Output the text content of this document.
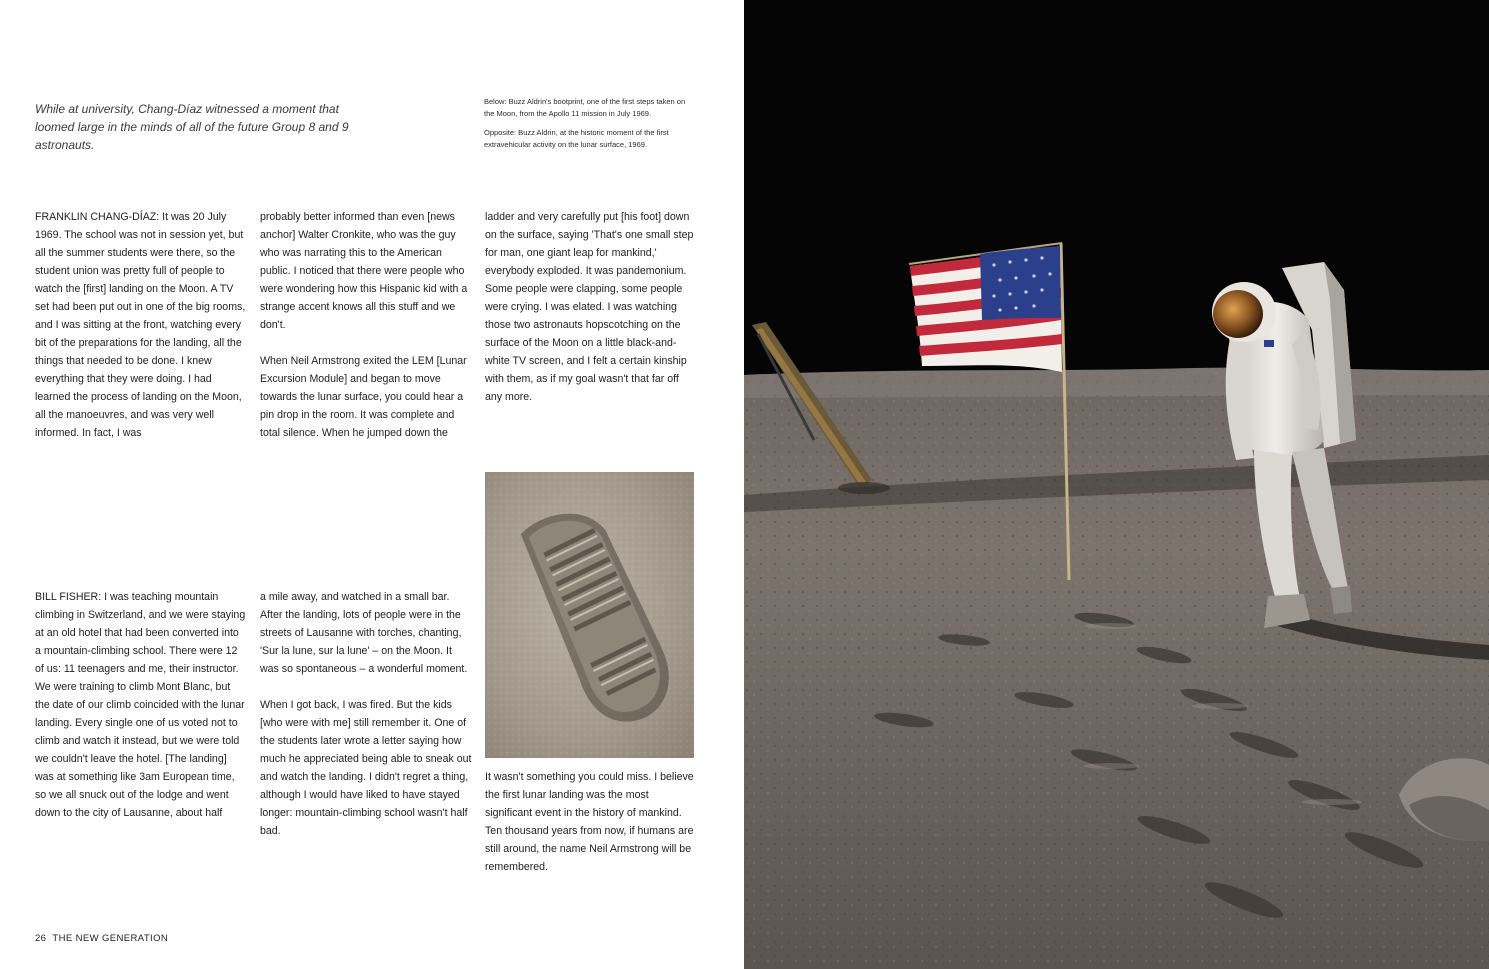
While at university, Chang-Díaz witnessed a moment that loomed large in the minds of all of the future Group 8 and 9 astronauts.

Below: Buzz Aldrin's bootprint, one of the first steps taken on the Moon, from the Apollo 11 mission in July 1969.

Opposite: Buzz Aldrin, at the historic moment of the first extravehicular activity on the lunar surface, 1969.

FRANKLIN CHANG-DÍAZ: It was 20 July 1969. The school was not in session yet, but all the summer students were there, so the student union was pretty full of people to watch the [first] landing on the Moon. A TV set had been put out in one of the big rooms, and I was sitting at the front, watching every bit of the preparations for the landing, all the things that needed to be done. I knew everything that they were doing. I had learned the process of landing on the Moon, all the manoeuvres, and was very well informed. In fact, I was

probably better informed than even [news anchor] Walter Cronkite, who was the guy who was narrating this to the American public. I noticed that there were people who were wondering how this Hispanic kid with a strange accent knows all this stuff and we don't.

When Neil Armstrong exited the LEM [Lunar Excursion Module] and began to move towards the lunar surface, you could hear a pin drop in the room. It was complete and total silence. When he jumped down the

ladder and very carefully put [his foot] down on the surface, saying 'That's one small step for man, one giant leap for mankind,' everybody exploded. It was pandemonium. Some people were clapping, some people were crying. I was elated. I was watching those two astronauts hopscotching on the surface of the Moon on a little black-and-white TV screen, and I felt a certain kinship with them, as if my goal wasn't that far off any more.

BILL FISHER: I was teaching mountain climbing in Switzerland, and we were staying at an old hotel that had been converted into a mountain-climbing school. There were 12 of us: 11 teenagers and me, their instructor. We were training to climb Mont Blanc, but the date of our climb coincided with the lunar landing. Every single one of us voted not to climb and watch it instead, but we were told we couldn't leave the hotel. [The landing] was at something like 3am European time, so we all snuck out of the lodge and went down to the city of Lausanne, about half

a mile away, and watched in a small bar. After the landing, lots of people were in the streets of Lausanne with torches, chanting, 'Sur la lune, sur la lune' – on the Moon. It was so spontaneous – a wonderful moment.

When I got back, I was fired. But the kids [who were with me] still remember it. One of the students later wrote a letter saying how much he appreciated being able to sneak out and watch the landing. I didn't regret a thing, although I would have liked to have stayed longer: mountain-climbing school wasn't half bad.

It wasn't something you could miss. I believe the first lunar landing was the most significant event in the history of mankind. Ten thousand years from now, if humans are still around, the name Neil Armstrong will be remembered.

26 THE NEW GENERATION
